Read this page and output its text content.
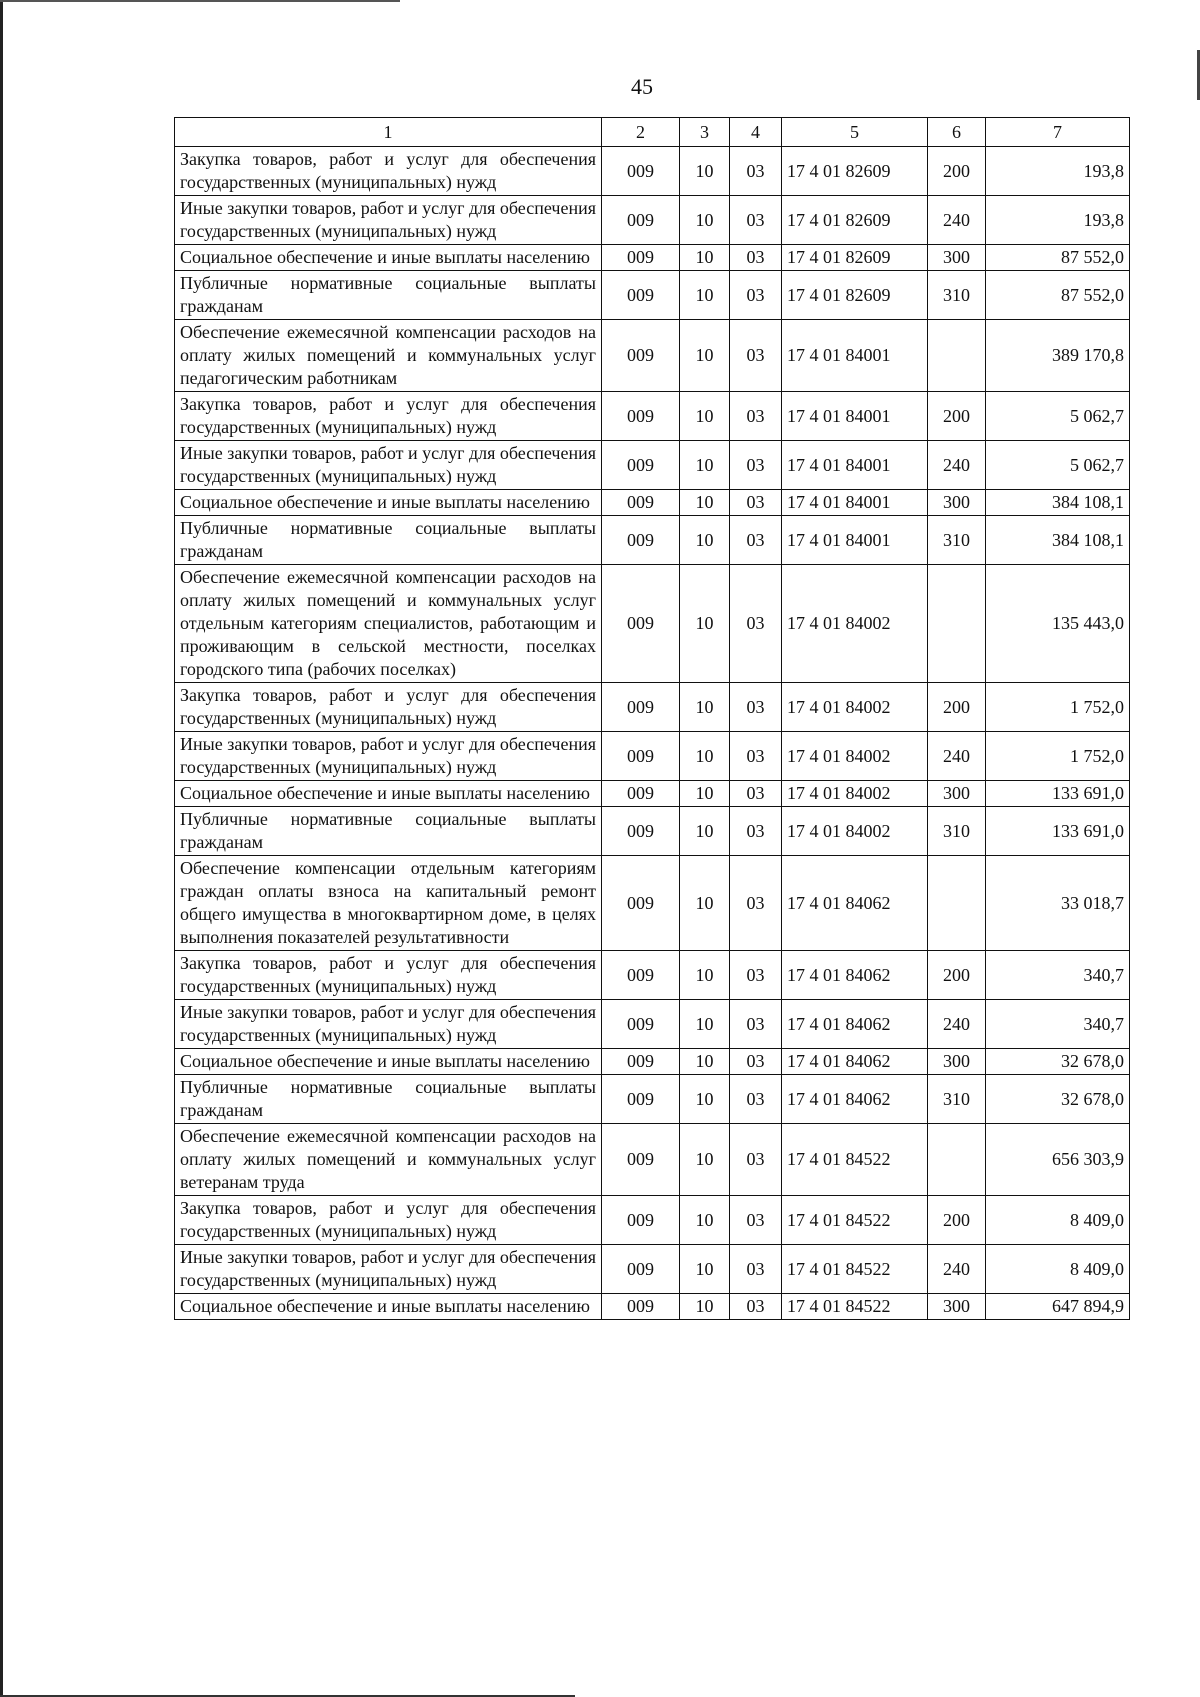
45
1	2	3	4	5	6	7
Закупка товаров, работ и услуг для обеспечения государственных (муниципальных) нужд	009	10	03	17 4 01 82609	200	193,8
Иные закупки товаров, работ и услуг для обеспечения государственных (муниципальных) нужд	009	10	03	17 4 01 82609	240	193,8
Социальное обеспечение и иные выплаты населению	009	10	03	17 4 01 82609	300	87 552,0
Публичные нормативные социальные выплаты гражданам	009	10	03	17 4 01 82609	310	87 552,0
Обеспечение ежемесячной компенсации расходов на оплату жилых помещений и коммунальных услуг педагогическим работникам	009	10	03	17 4 01 84001		389 170,8
Закупка товаров, работ и услуг для обеспечения государственных (муниципальных) нужд	009	10	03	17 4 01 84001	200	5 062,7
Иные закупки товаров, работ и услуг для обеспечения государственных (муниципальных) нужд	009	10	03	17 4 01 84001	240	5 062,7
Социальное обеспечение и иные выплаты населению	009	10	03	17 4 01 84001	300	384 108,1
Публичные нормативные социальные выплаты гражданам	009	10	03	17 4 01 84001	310	384 108,1
Обеспечение ежемесячной компенсации расходов на оплату жилых помещений и коммунальных услуг отдельным категориям специалистов, работающим и проживающим в сельской местности, поселках городского типа (рабочих поселках)	009	10	03	17 4 01 84002		135 443,0
Закупка товаров, работ и услуг для обеспечения государственных (муниципальных) нужд	009	10	03	17 4 01 84002	200	1 752,0
Иные закупки товаров, работ и услуг для обеспечения государственных (муниципальных) нужд	009	10	03	17 4 01 84002	240	1 752,0
Социальное обеспечение и иные выплаты населению	009	10	03	17 4 01 84002	300	133 691,0
Публичные нормативные социальные выплаты гражданам	009	10	03	17 4 01 84002	310	133 691,0
Обеспечение компенсации отдельным категориям граждан оплаты взноса на капитальный ремонт общего имущества в многоквартирном доме, в целях выполнения показателей результативности	009	10	03	17 4 01 84062		33 018,7
Закупка товаров, работ и услуг для обеспечения государственных (муниципальных) нужд	009	10	03	17 4 01 84062	200	340,7
Иные закупки товаров, работ и услуг для обеспечения государственных (муниципальных) нужд	009	10	03	17 4 01 84062	240	340,7
Социальное обеспечение и иные выплаты населению	009	10	03	17 4 01 84062	300	32 678,0
Публичные нормативные социальные выплаты гражданам	009	10	03	17 4 01 84062	310	32 678,0
Обеспечение ежемесячной компенсации расходов на оплату жилых помещений и коммунальных услуг ветеранам труда	009	10	03	17 4 01 84522		656 303,9
Закупка товаров, работ и услуг для обеспечения государственных (муниципальных) нужд	009	10	03	17 4 01 84522	200	8 409,0
Иные закупки товаров, работ и услуг для обеспечения государственных (муниципальных) нужд	009	10	03	17 4 01 84522	240	8 409,0
Социальное обеспечение и иные выплаты населению	009	10	03	17 4 01 84522	300	647 894,9
